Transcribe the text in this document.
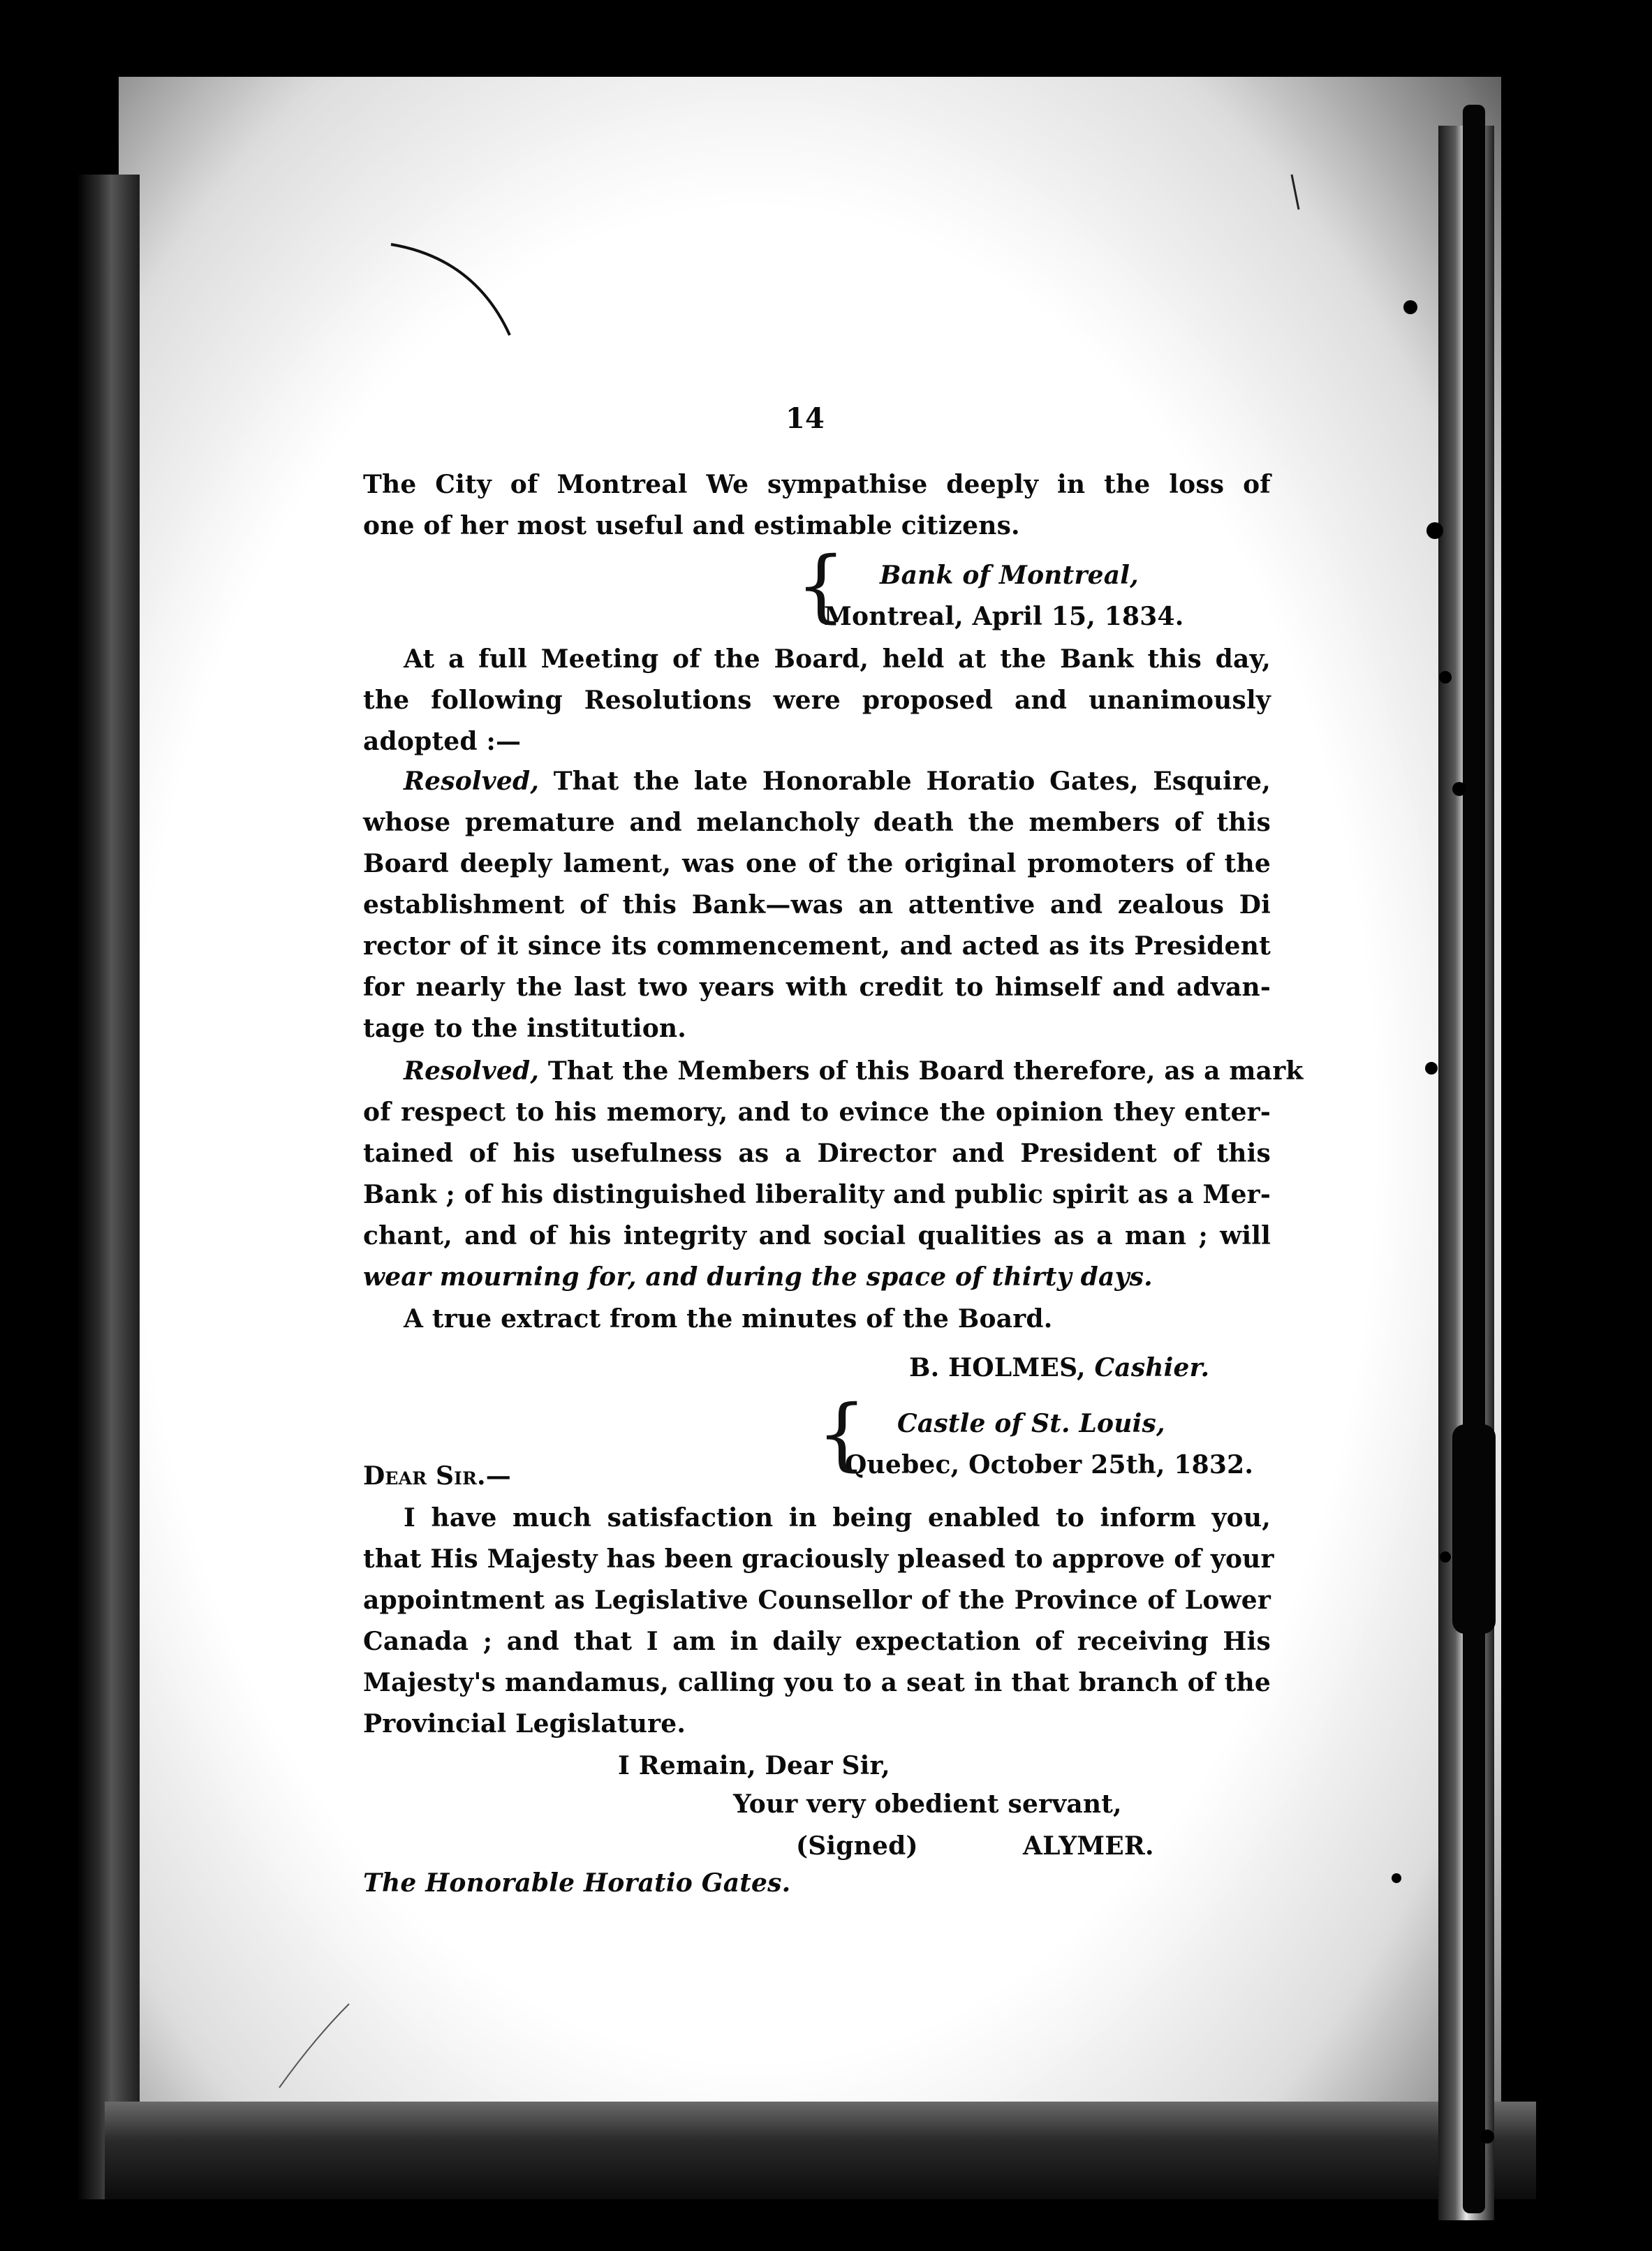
14
The City of Montreal We sympathise deeply in the loss of
one of her most useful and estimable citizens.
{	Bank of Montreal,
Montreal, April 15, 1834.
At a full Meeting of the Board, held at the Bank this day,
the following Resolutions were proposed and unanimously
adopted :—
Resolved, That the late Honorable Horatio Gates, Esquire,
whose premature and melancholy death the members of this
Board deeply lament, was one of the original promoters of the
establishment of this Bank—was an attentive and zealous Di
rector of it since its commencement, and acted as its President
for nearly the last two years with credit to himself and advan-
tage to the institution.
Resolved, That the Members of this Board therefore, as a mark
of respect to his memory, and to evince the opinion they enter-
tained of his usefulness as a Director and President of this
Bank ; of his distinguished liberality and public spirit as a Mer-
chant, and of his integrity and social qualities as a man ; will
wear mourning for, and during the space of thirty days.
A true extract from the minutes of the Board.
B. HOLMES, Cashier.
{	Castle of St. Louis,
Quebec, October 25th, 1832.
Dear Sir.—
I have much satisfaction in being enabled to inform you,
that His Majesty has been graciously pleased to approve of your
appointment as Legislative Counsellor of the Province of Lower
Canada ; and that I am in daily expectation of receiving His
Majesty's mandamus, calling you to a seat in that branch of the
Provincial Legislature.
I Remain, Dear Sir,
Your very obedient servant,
(Signed)	ALYMER.
The Honorable Horatio Gates.
